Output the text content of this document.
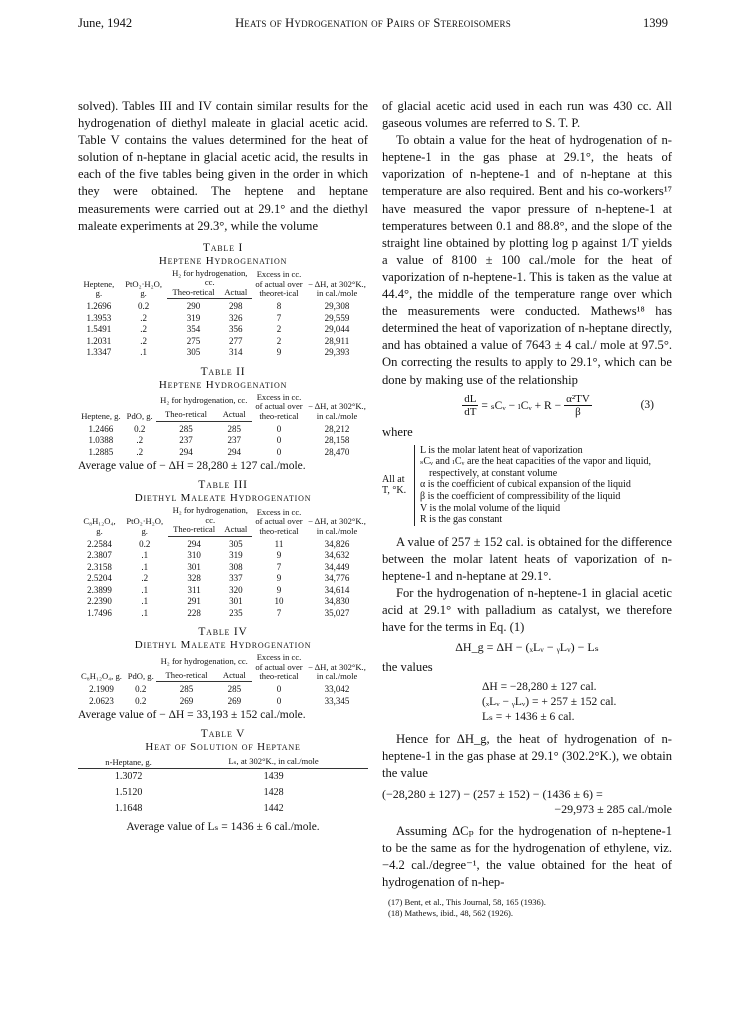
June, 1942	Heats of Hydrogenation of Pairs of Stereoisomers	1399

solved). Tables III and IV contain similar results for the hydrogenation of diethyl maleate in glacial acetic acid. Table V contains the values determined for the heat of solution of n-heptane in glacial acetic acid, the results in each of the five tables being given in the order in which they were obtained. The heptene and heptane measurements were carried out at 29.1° and the diethyl maleate experiments at 29.3°, while the volume

Table I
Heptene Hydrogenation
Heptene, g.	PtO₂·H₂O, g.	H₂ for hydrogenation, cc.		Excess in cc. of actual over theoret-ical	− ΔH, at 302°K., in cal./mole
		Theo-retical	Actual		
1.2696	0.2	290	298	8	29,308
1.3953	.2	319	326	7	29,559
1.5491	.2	354	356	2	29,044
1.2031	.2	275	277	2	28,911
1.3347	.1	305	314	9	29,393
Table II
Heptene Hydrogenation
Heptene, g.	PdO, g.	H₂ for hydrogenation, cc.		Excess in cc. of actual over theo-retical	− ΔH, at 302°K., in cal./mole
		Theo-retical	Actual		
1.2466	0.2	285	285	0	28,212
1.0388	.2	237	237	0	28,158
1.2885	.2	294	294	0	28,470
Average value of − ΔH = 28,280 ± 127 cal./mole.
Table III
Diethyl Maleate Hydrogenation
C₈H₁₂O₄, g.	PtO₂·H₂O, g.	H₂ for hydrogenation, cc.		Excess in cc. of actual over theo-retical	− ΔH, at 302°K., in cal./mole
		Theo-retical	Actual		
2.2584	0.2	294	305	11	34,826
2.3807	.1	310	319	9	34,632
2.3158	.1	301	308	7	34,449
2.5204	.2	328	337	9	34,776
2.3899	.1	311	320	9	34,614
2.2390	.1	291	301	10	34,830
1.7496	.1	228	235	7	35,027
Table IV
Diethyl Maleate Hydrogenation
C₈H₁₂O₄, g.	PdO, g.	H₂ for hydrogenation, cc.		Excess in cc. of actual over theo-retical	− ΔH, at 302°K., in cal./mole
		Theo-retical	Actual		
2.1909	0.2	285	285	0	33,042
2.0623	0.2	269	269	0	33,345
Average value of − ΔH = 33,193 ± 152 cal./mole.
Table V
Heat of Solution of Heptane
n-Heptane, g.	Lₛ, at 302°K., in cal./mole
1.3072	1439
1.5120	1428
1.1648	1442
Average value of Lₛ = 1436 ± 6 cal./mole.

of glacial acetic acid used in each run was 430 cc. All gaseous volumes are referred to S. T. P.

To obtain a value for the heat of hydrogenation of n-heptene-1 in the gas phase at 29.1°, the heats of vaporization of n-heptene-1 and of n-heptane at this temperature are also required. Bent and his co-workers¹⁷ have measured the vapor pressure of n-heptene-1 at temperatures between 0.1 and 88.8°, and the slope of the straight line obtained by plotting log p against 1/T yields a value of 8100 ± 100 cal./mole for the heat of vaporization of n-heptene-1. This is taken as the value at 44.4°, the middle of the temperature range over which the measurements were conducted. Mathews¹⁸ has determined the heat of vaporization of n-heptane directly, and has obtained a value of 7643 ± 4 cal./ mole at 97.5°. On correcting the results to apply to 29.1°, which can be done by making use of the relationship

$\frac{dL}{dT}$ = ₛCᵥ − ₗCᵥ + $R - \frac{\text{α²TV}}{\beta}$	(3)

where

All at T, °K.
L is the molar latent heat of vaporization
ₛCᵥ and ₗCᵥ are the heat capacities of the vapor and liquid, respectively, at constant volume
α is the coefficient of cubical expansion of the liquid
β is the coefficient of compressibility of the liquid
V is the molal volume of the liquid
R is the gas constant

A value of 257 ± 152 cal. is obtained for the difference between the molar latent heats of vaporization of n-heptene-1 and n-heptane at 29.1°.

For the hydrogenation of n-heptene-1 in glacial acetic acid at 29.1° with palladium as catalyst, we therefore have for the terms in Eq. (1)

ΔH_g = ΔH − (ₓLᵥ − ᵧLᵥ) − Lₛ

the values

ΔH = −28,280 ± 127 cal.
(ₓLᵥ − ᵧLᵥ) = + 257 ± 152 cal.
Lₛ = + 1436 ± 6 cal.

Hence for ΔH_g, the heat of hydrogenation of n-heptene-1 in the gas phase at 29.1° (302.2°K.), we obtain the value

(−28,280 ± 127) − (257 ± 152) − (1436 ± 6) =
−29,973 ± 285 cal./mole

Assuming ΔCₚ for the hydrogenation of n-heptene-1 to be the same as for the hydrogenation of ethylene, viz. −4.2 cal./degree⁻¹, the value obtained for the heat of hydrogenation of n-hep-

(17) Bent, et al., This Journal, 58, 165 (1936).
(18) Mathews, ibid., 48, 562 (1926).
